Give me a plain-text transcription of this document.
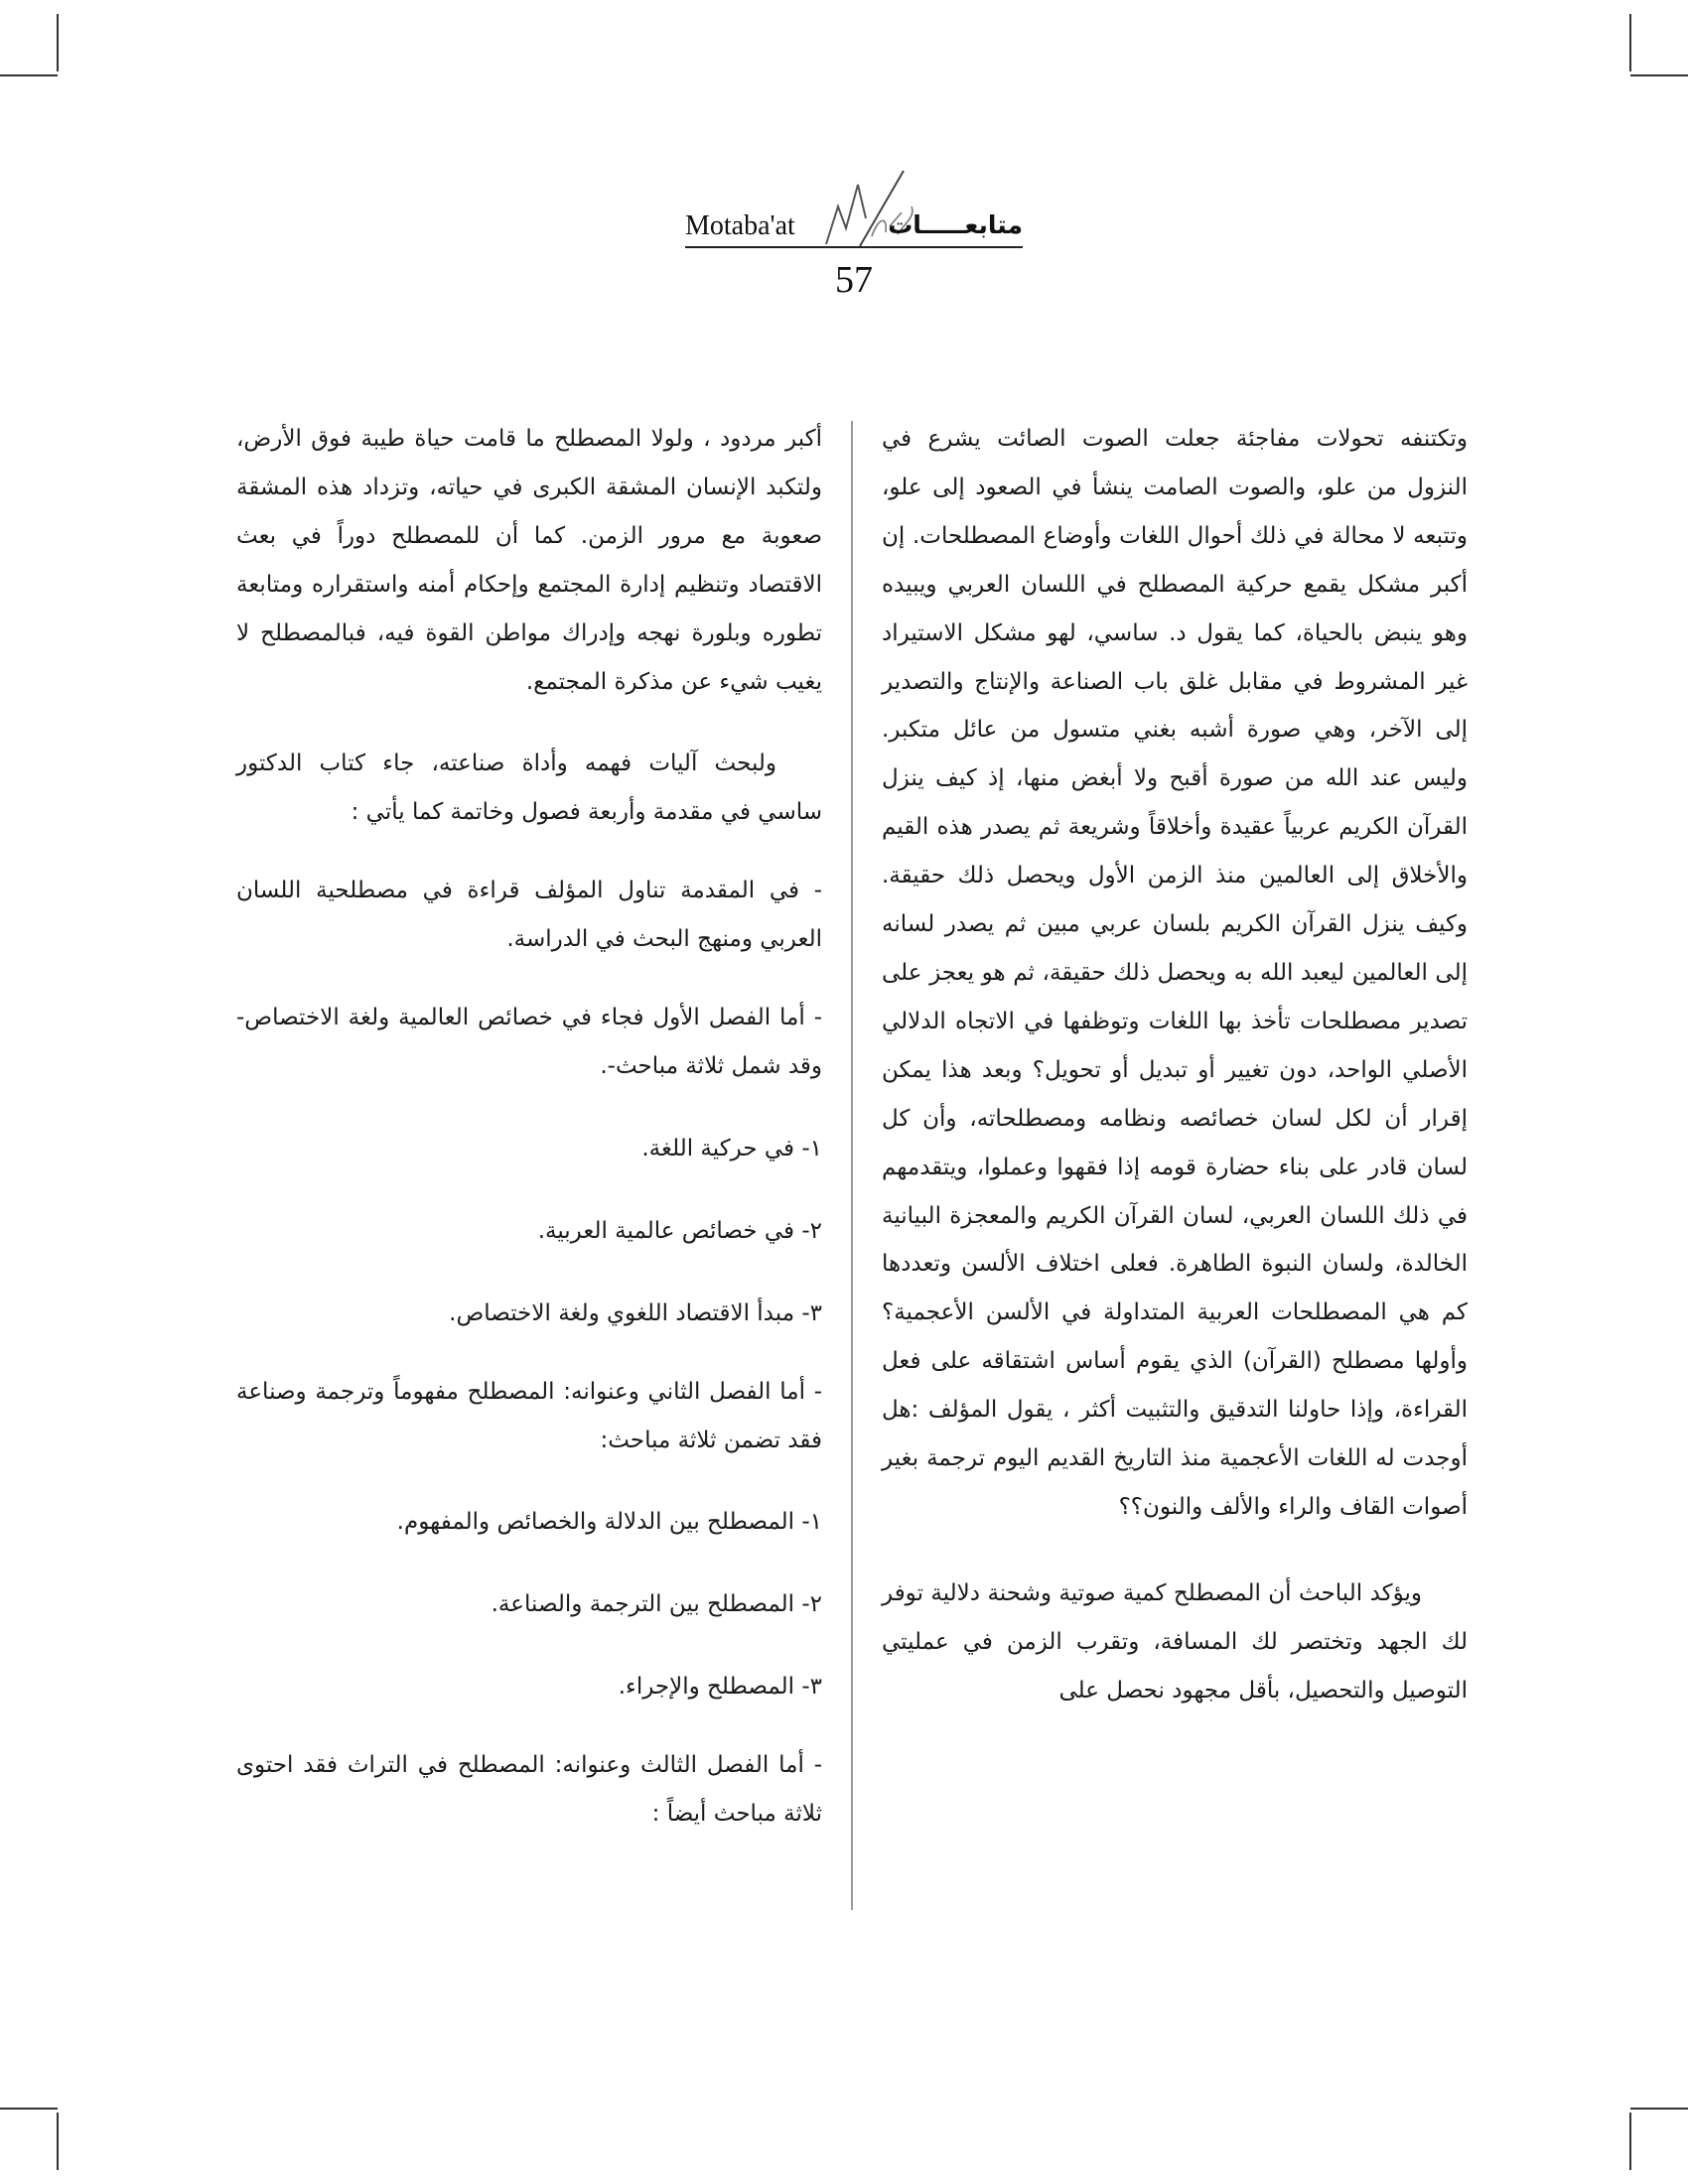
Motaba'at	متابعـــــات
57

وتكتنفه تحولات مفاجئة جعلت الصوت الصائت يشرع في النزول من علو، والصوت الصامت ينشأ في الصعود إلى علو، وتتبعه لا محالة في ذلك أحوال اللغات وأوضاع المصطلحات. إن أكبر مشكل يقمع حركية المصطلح في اللسان العربي ويبيده وهو ينبض بالحياة، كما يقول د. ساسي، لهو مشكل الاستيراد غير المشروط في مقابل غلق باب الصناعة والإنتاج والتصدير إلى الآخر، وهي صورة أشبه بغني متسول من عائل متكبر. وليس عند الله من صورة أقبح ولا أبغض منها، إذ كيف ينزل القرآن الكريم عربياً عقيدة وأخلاقاً وشريعة ثم يصدر هذه القيم والأخلاق إلى العالمين منذ الزمن الأول ويحصل ذلك حقيقة. وكيف ينزل القرآن الكريم بلسان عربي مبين ثم يصدر لسانه إلى العالمين ليعبد الله به ويحصل ذلك حقيقة، ثم هو يعجز على تصدير مصطلحات تأخذ بها اللغات وتوظفها في الاتجاه الدلالي الأصلي الواحد، دون تغيير أو تبديل أو تحويل؟ وبعد هذا يمكن إقرار أن لكل لسان خصائصه ونظامه ومصطلحاته، وأن كل لسان قادر على بناء حضارة قومه إذا فقهوا وعملوا، ويتقدمهم في ذلك اللسان العربي، لسان القرآن الكريم والمعجزة البيانية الخالدة، ولسان النبوة الطاهرة. فعلى اختلاف الألسن وتعددها كم هي المصطلحات العربية المتداولة في الألسن الأعجمية؟ وأولها مصطلح (القرآن) الذي يقوم أساس اشتقاقه على فعل القراءة، وإذا حاولنا التدقيق والتثبيت أكثر ، يقول المؤلف :هل أوجدت له اللغات الأعجمية منذ التاريخ القديم اليوم ترجمة بغير أصوات القاف والراء والألف والنون؟؟

ويؤكد الباحث أن المصطلح كمية صوتية وشحنة دلالية توفر لك الجهد وتختصر لك المسافة، وتقرب الزمن في عمليتي التوصيل والتحصيل، بأقل مجهود نحصل على

أكبر مردود ، ولولا المصطلح ما قامت حياة طيبة فوق الأرض، ولتكبد الإنسان المشقة الكبرى في حياته، وتزداد هذه المشقة صعوبة مع مرور الزمن. كما أن للمصطلح دوراً في بعث الاقتصاد وتنظيم إدارة المجتمع وإحكام أمنه واستقراره ومتابعة تطوره وبلورة نهجه وإدراك مواطن القوة فيه، فبالمصطلح لا يغيب شيء عن مذكرة المجتمع.

ولبحث آليات فهمه وأداة صناعته، جاء كتاب الدكتور ساسي في مقدمة وأربعة فصول وخاتمة كما يأتي :

- في المقدمة تناول المؤلف قراءة في مصطلحية اللسان العربي ومنهج البحث في الدراسة.

- أما الفصل الأول فجاء في خصائص العالمية ولغة الاختصاص- وقد شمل ثلاثة مباحث-.

١- في حركية اللغة.

٢- في خصائص عالمية العربية.

٣- مبدأ الاقتصاد اللغوي ولغة الاختصاص.

- أما الفصل الثاني وعنوانه: المصطلح مفهوماً وترجمة وصناعة فقد تضمن ثلاثة مباحث:

١- المصطلح بين الدلالة والخصائص والمفهوم.

٢- المصطلح بين الترجمة والصناعة.

٣- المصطلح والإجراء.

- أما الفصل الثالث وعنوانه: المصطلح في التراث فقد احتوى ثلاثة مباحث أيضاً :
